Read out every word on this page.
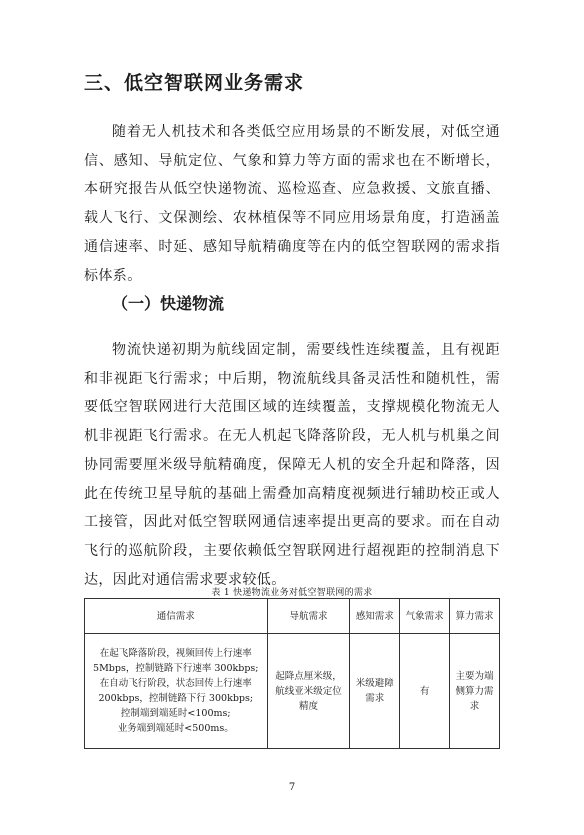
三、低空智联网业务需求

随着无人机技术和各类低空应用场景的不断发展，对低空通信、感知、导航定位、气象和算力等方面的需求也在不断增长，本研究报告从低空快递物流、巡检巡查、应急救援、文旅直播、载人飞行、文保测绘、农林植保等不同应用场景角度，打造涵盖通信速率、时延、感知导航精确度等在内的低空智联网的需求指标体系。

（一）快递物流

物流快递初期为航线固定制，需要线性连续覆盖，且有视距和非视距飞行需求；中后期，物流航线具备灵活性和随机性，需要低空智联网进行大范围区域的连续覆盖，支撑规模化物流无人机非视距飞行需求。在无人机起飞降落阶段，无人机与机巢之间协同需要厘米级导航精确度，保障无人机的安全升起和降落，因此在传统卫星导航的基础上需叠加高精度视频进行辅助校正或人工接管，因此对低空智联网通信速率提出更高的要求。而在自动飞行的巡航阶段，主要依赖低空智联网进行超视距的控制消息下达，因此对通信需求要求较低。

表 1 快递物流业务对低空智联网的需求
通信需求	导航需求	感知需求	气象需求	算力需求
在起飞降落阶段，视频回传上行速率5Mbps，控制链路下行速率 300kbps;
在自动飞行阶段，状态回传上行速率200kbps，控制链路下行 300kbps;
控制端到端延时<100ms;
业务端到端延时<500ms。	起降点厘米级，航线亚米级定位精度	米级避障需求	有	主要为端侧算力需求
7
